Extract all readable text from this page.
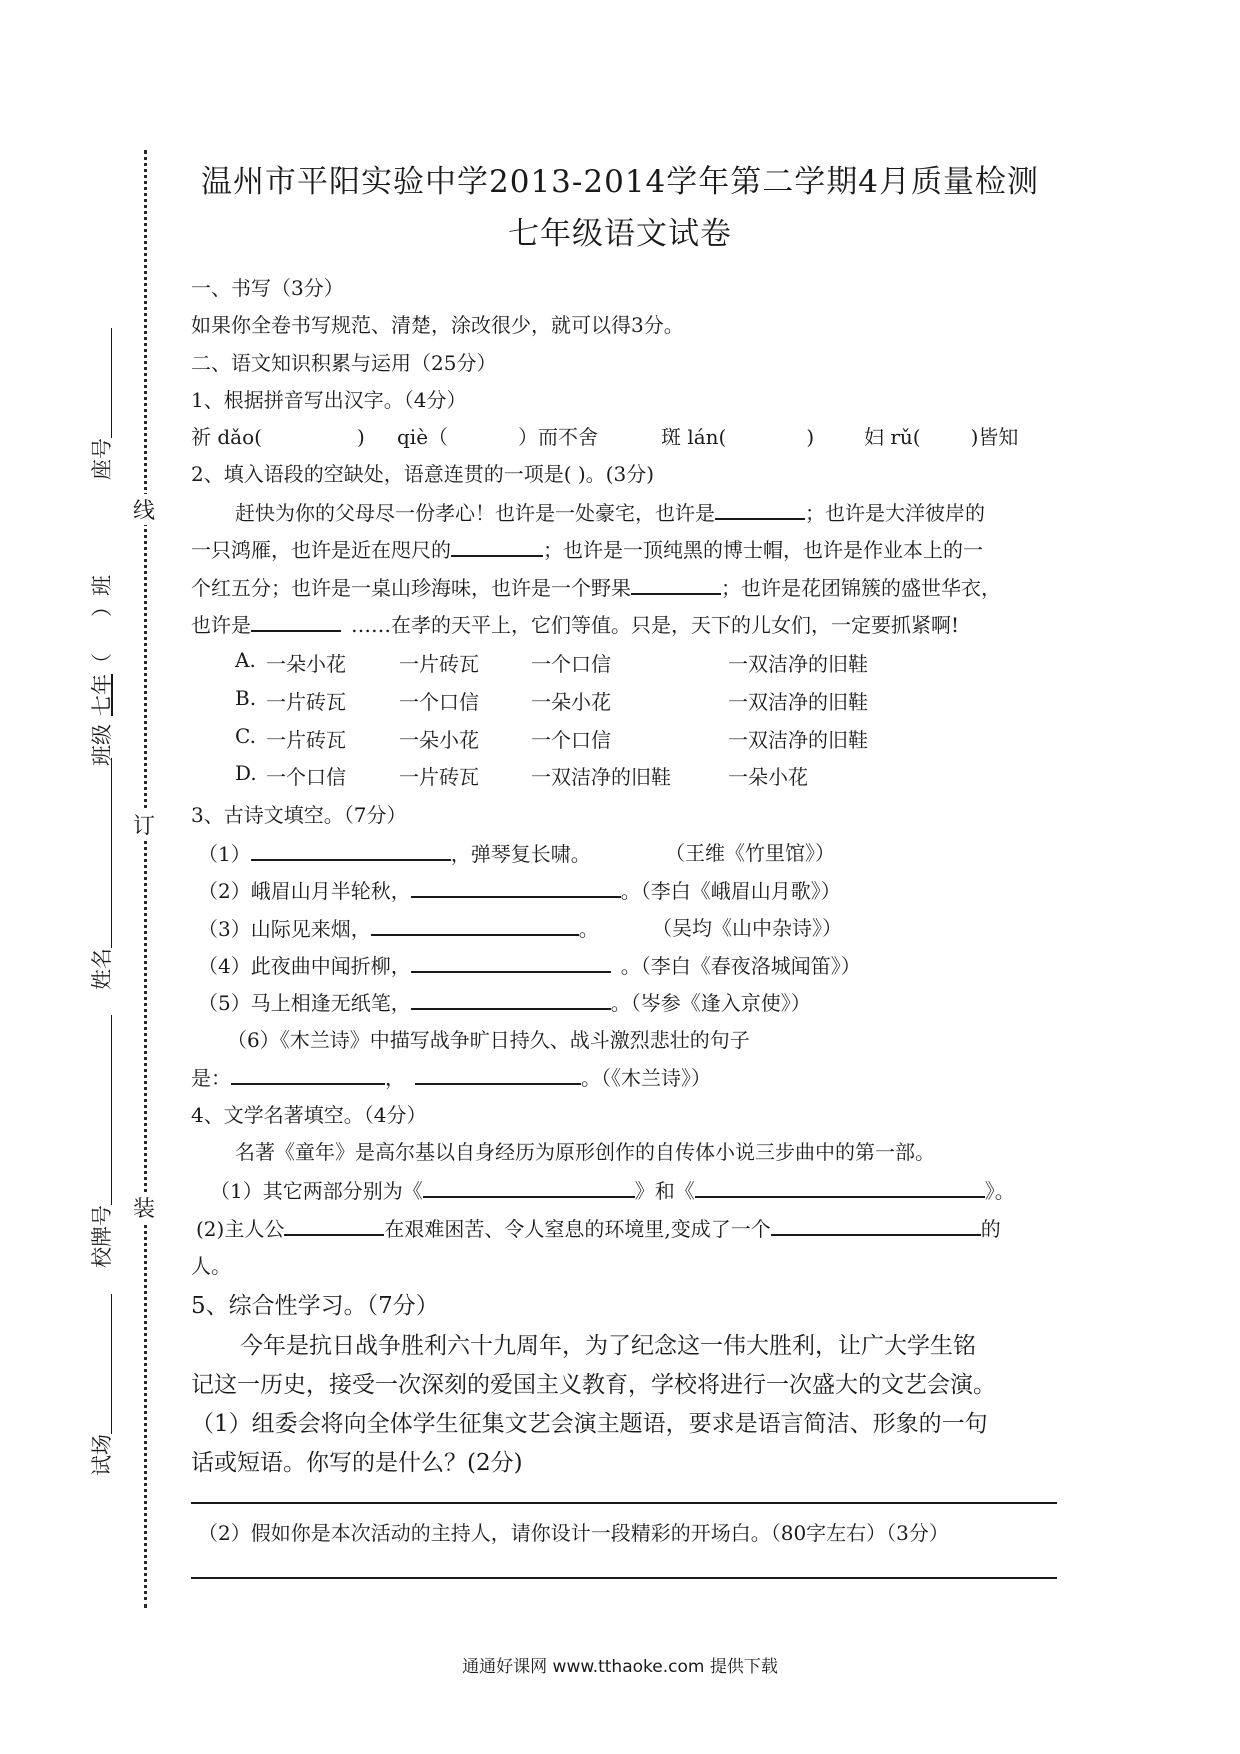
线
订
装
座号
班级
七年
（
）班
姓名
校牌号
试场
温州市平阳实验中学2013-2014学年第二学期4月质量检测
七年级语文试卷
一、书写（3分）
如果你全卷书写规范、清楚，涂改很少，就可以得3分。
二、语文知识积累与运用（25分）
1、根据拼音写出汉字。（4分）
祈 dǎo(	) qiè（	）而不舍	斑 lán(	) 妇 rǔ(	)皆知
2、填入语段的空缺处，语意连贯的一项是( )。(3分)
赶快为你的父母尽一份孝心！也许是一处豪宅，也许是	；也许是大洋彼岸的
一只鸿雁，也许是近在咫尺的	；也许是一顶纯黑的博士帽，也许是作业本上的一
个红五分；也许是一桌山珍海味，也许是一个野果	；也许是花团锦簇的盛世华衣，
也许是	……在孝的天平上，它们等值。只是，天下的儿女们，一定要抓紧啊!
A. 一朵小花	一片砖瓦	一个口信	一双洁净的旧鞋
B. 一片砖瓦	一个口信	一朵小花	一双洁净的旧鞋
C. 一片砖瓦	一朵小花	一个口信	一双洁净的旧鞋
D. 一个口信	一片砖瓦	一双洁净的旧鞋	一朵小花
3、古诗文填空。（7分）
（1）	，弹琴复长啸。	（王维《竹里馆》）
（2）峨眉山月半轮秋，	。（李白《峨眉山月歌》）
（3）山际见来烟，	。	（吴均《山中杂诗》）
（4）此夜曲中闻折柳，	。（李白《春夜洛城闻笛》）
（5）马上相逢无纸笔，	。（岑参《逢入京使》）
（6）《木兰诗》中描写战争旷日持久、战斗激烈悲壮的句子
是：	，	。（《木兰诗》）
4、文学名著填空。（4分）
名著《童年》是高尔基以自身经历为原形创作的自传体小说三步曲中的第一部。
（1）其它两部分别为《	》和《	》。
(2)主人公	在艰难困苦、令人窒息的环境里,变成了一个	的
人。
5、综合性学习。（7分）
今年是抗日战争胜利六十九周年，为了纪念这一伟大胜利，让广大学生铭
记这一历史，接受一次深刻的爱国主义教育，学校将进行一次盛大的文艺会演。
（1）组委会将向全体学生征集文艺会演主题语，要求是语言简洁、形象的一句
话或短语。你写的是什么？(2分)
（2）假如你是本次活动的主持人，请你设计一段精彩的开场白。（80字左右）（3分）
通通好课网 www.tthaoke.com 提供下载
